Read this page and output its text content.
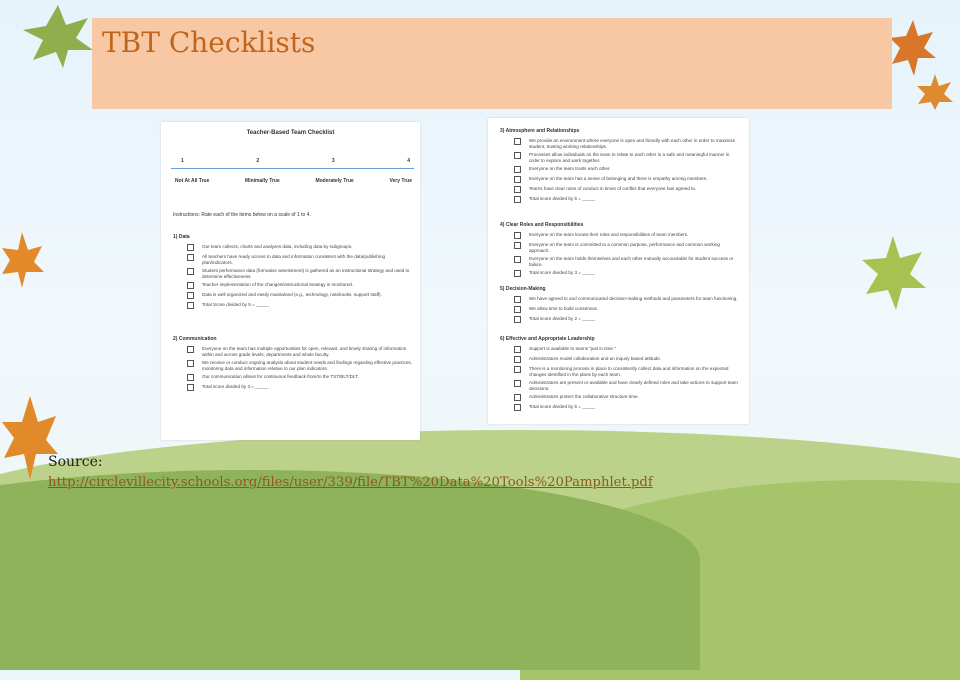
TBT Checklists
Teacher-Based Team Checklist
1	2	3	4
Not At All True	Minimally True	Moderately True	Very True
Instructions: Rate each of the items below on a scale of 1 to 4.
1) Data
Our team collects, charts and analyzes data, including data by subgroups.
All teachers have ready access to data and information consistent with the data/publishing plan/indicators.
Student performance data (formative assessment) is gathered as an instructional strategy and used to determine effectiveness.
Teacher implementation of the changes/instructional strategy is monitored.
Data is well organized and easily maintained (e.g., technology, notebooks, support staff).
Total Score divided by 5 = _____
2) Communication
Everyone on the team has multiple opportunities for open, relevant, and timely sharing of information within and across grade levels, departments and whole faculty.
We receive or conduct ongoing analysis about student needs and findings regarding effective practices, monitoring data and information relative to our plan indicators.
Our communication allows for continuous feedback from/to the TST/BLT/DLT.
Total score divided by 3 = _____
3) Atmosphere and Relationships
We provide an environment where everyone is open and friendly with each other in order to maximize student, trusting working relationships.
Processes allow individuals on the team to relate to each other in a safe and meaningful manner in order to explore and work together.
Everyone on the team trusts each other.
Everyone on the team has a sense of belonging and there is empathy among members.
Teams have clear rules of conduct in times of conflict that everyone has agreed to.
Total score divided by 5 = _____
4) Clear Roles and Responsibilities
Everyone on the team knows their roles and responsibilities of team members.
Everyone on the team is committed to a common purpose, performance and common working approach.
Everyone on the team holds themselves and each other mutually accountable for student success or failure.
Total score divided by 3 = _____
5) Decision-Making
We have agreed to and communicated decision-making methods and parameters for team functioning.
We allow time to build consensus.
Total score divided by 2 = _____
6) Effective and Appropriate Leadership
Support is available to teams "just in time."
Administrators model collaboration and an inquiry based attitude.
There is a monitoring process in place to consistently collect data and information on the expected changes identified in the plans by each team.
Administrators are present or available and have clearly defined roles and take actions to support team decisions.
Administrators protect the collaborative structure time.
Total score divided by 5 = _____
Source:
http://circlevillecity.schools.org/files/user/339/file/TBT%20Data%20Tools%20Pamphlet.pdf
